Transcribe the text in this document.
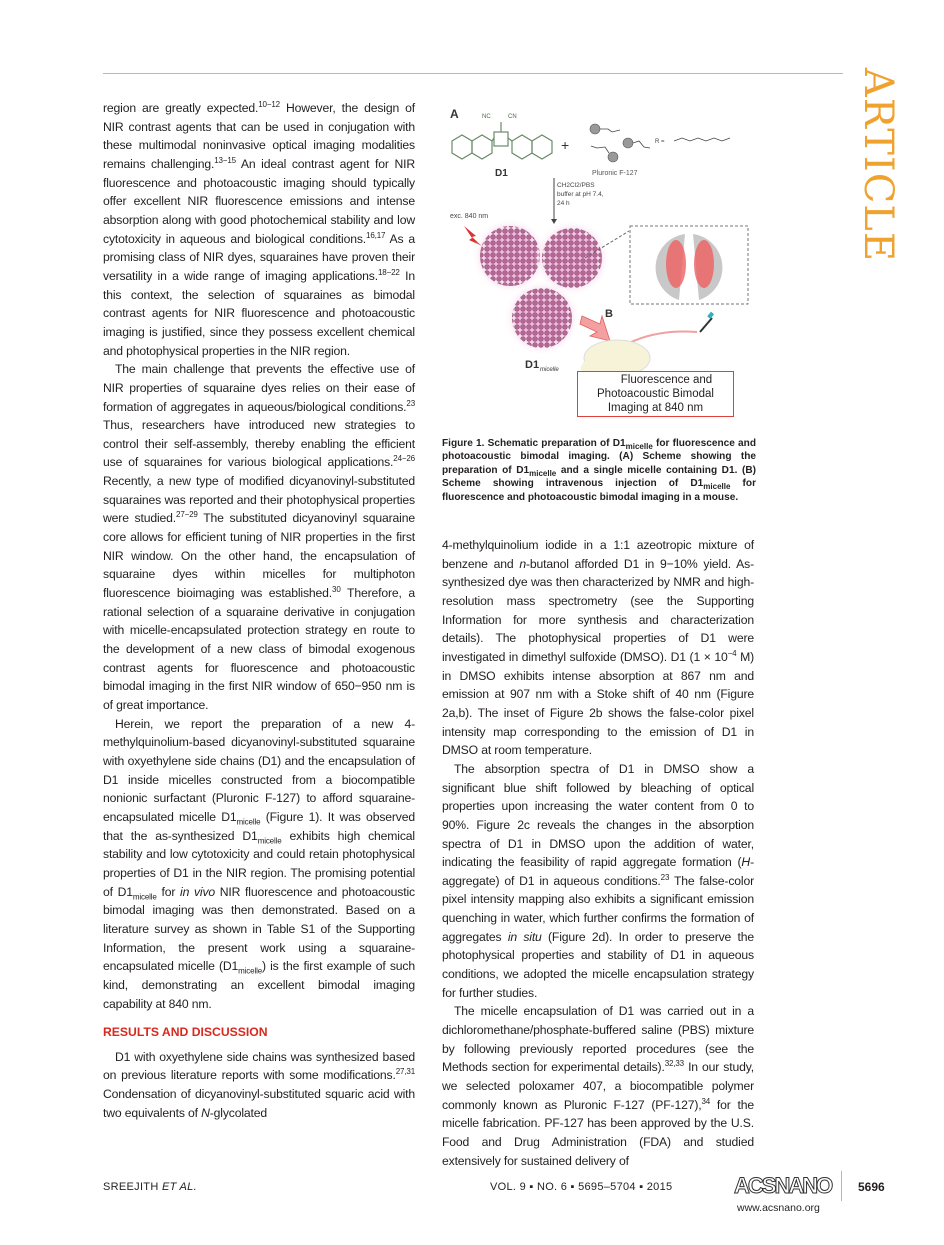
ARTICLE

region are greatly expected.$^{10-12}$ However, the design of NIR contrast agents that can be used in conjugation with these multimodal noninvasive optical imaging modalities remains challenging.$^{13-15}$ An ideal contrast agent for NIR fluorescence and photoacoustic imaging should typically offer excellent NIR fluorescence emissions and intense absorption along with good photochemical stability and low cytotoxicity in aqueous and biological conditions.$^{16,17}$ As a promising class of NIR dyes, squaraines have proven their versatility in a wide range of imaging applications.$^{18-22}$ In this context, the selection of squaraines as bimodal contrast agents for NIR fluorescence and photoacoustic imaging is justified, since they possess excellent chemical and photophysical properties in the NIR region.

The main challenge that prevents the effective use of NIR properties of squaraine dyes relies on their ease of formation of aggregates in aqueous/biological conditions.$^{23}$ Thus, researchers have introduced new strategies to control their self-assembly, thereby enabling the efficient use of squaraines for various biological applications.$^{24-26}$ Recently, a new type of modified dicyanovinyl-substituted squaraines was reported and their photophysical properties were studied.$^{27-29}$ The substituted dicyanovinyl squaraine core allows for efficient tuning of NIR properties in the first NIR window. On the other hand, the encapsulation of squaraine dyes within micelles for multiphoton fluorescence bioimaging was established.$^{30}$ Therefore, a rational selection of a squaraine derivative in conjugation with micelle-encapsulated protection strategy en route to the development of a new class of bimodal exogenous contrast agents for fluorescence and photoacoustic bimodal imaging in the first NIR window of 650−950 nm is of great importance.

Herein, we report the preparation of a new 4-methylquinolium-based dicyanovinyl-substituted squaraine with oxyethylene side chains (D1) and the encapsulation of D1 inside micelles constructed from a biocompatible nonionic surfactant (Pluronic F-127) to afford squaraine-encapsulated micelle $D1_{micelle}$ (Figure 1). It was observed that the as-synthesized $D1_{micelle}$ exhibits high chemical stability and low cytotoxicity and could retain photophysical properties of D1 in the NIR region. The promising potential of $D1_{micelle}$ for in vivo NIR fluorescence and photoacoustic bimodal imaging was then demonstrated. Based on a literature survey as shown in Table S1 of the Supporting Information, the present work using a squaraine-encapsulated micelle $(D1_{micelle})$ is the first example of such kind, demonstrating an excellent bimodal imaging capability at 840 nm.

RESULTS AND DISCUSSION

D1 with oxyethylene side chains was synthesized based on previous literature reports with some modifications.$^{27,31}$ Condensation of dicyanovinyl-substituted squaric acid with two equivalents of N-glycolated

A	NC	CN
D1
+	R =
Pluronic F-127
CH2Cl2/PBS
buffer at pH 7.4,
24 h
exc. 840 nm
B
D1 micelle
Fluorescence and
Photoacoustic Bimodal
Imaging at 840 nm
Figure 1. Schematic preparation of $D1_{micelle}$ for fluorescence and photoacoustic bimodal imaging. (A) Scheme showing the preparation of $D1_{micelle}$ and a single micelle containing D1. (B) Scheme showing intravenous injection of $D1_{micelle}$ for fluorescence and photoacoustic bimodal imaging in a mouse.

4-methylquinolium iodide in a 1:1 azeotropic mixture of benzene and n-butanol afforded D1 in 9−10% yield. As-synthesized dye was then characterized by NMR and high-resolution mass spectrometry (see the Supporting Information for more synthesis and characterization details). The photophysical properties of D1 were investigated in dimethyl sulfoxide (DMSO). D1 ($1 \times 10^{-4}$ M) in DMSO exhibits intense absorption at 867 nm and emission at 907 nm with a Stoke shift of 40 nm (Figure 2a,b). The inset of Figure 2b shows the false-color pixel intensity map corresponding to the emission of D1 in DMSO at room temperature.

The absorption spectra of D1 in DMSO show a significant blue shift followed by bleaching of optical properties upon increasing the water content from 0 to 90%. Figure 2c reveals the changes in the absorption spectra of D1 in DMSO upon the addition of water, indicating the feasibility of rapid aggregate formation (H-aggregate) of D1 in aqueous conditions.$^{23}$ The false-color pixel intensity mapping also exhibits a significant emission quenching in water, which further confirms the formation of aggregates in situ (Figure 2d). In order to preserve the photophysical properties and stability of D1 in aqueous conditions, we adopted the micelle encapsulation strategy for further studies.

The micelle encapsulation of D1 was carried out in a dichloromethane/phosphate-buffered saline (PBS) mixture by following previously reported procedures (see the Methods section for experimental details).$^{32,33}$ In our study, we selected poloxamer 407, a biocompatible polymer commonly known as Pluronic F-127 (PF-127),$^{34}$ for the micelle fabrication. PF-127 has been approved by the U.S. Food and Drug Administration (FDA) and studied extensively for sustained delivery of

SREEJITH ET AL.	VOL. 9 ▪ NO. 6 ▪ 5695–5704 ▪ 2015	ACSNANO
www.acsnano.org
5696
